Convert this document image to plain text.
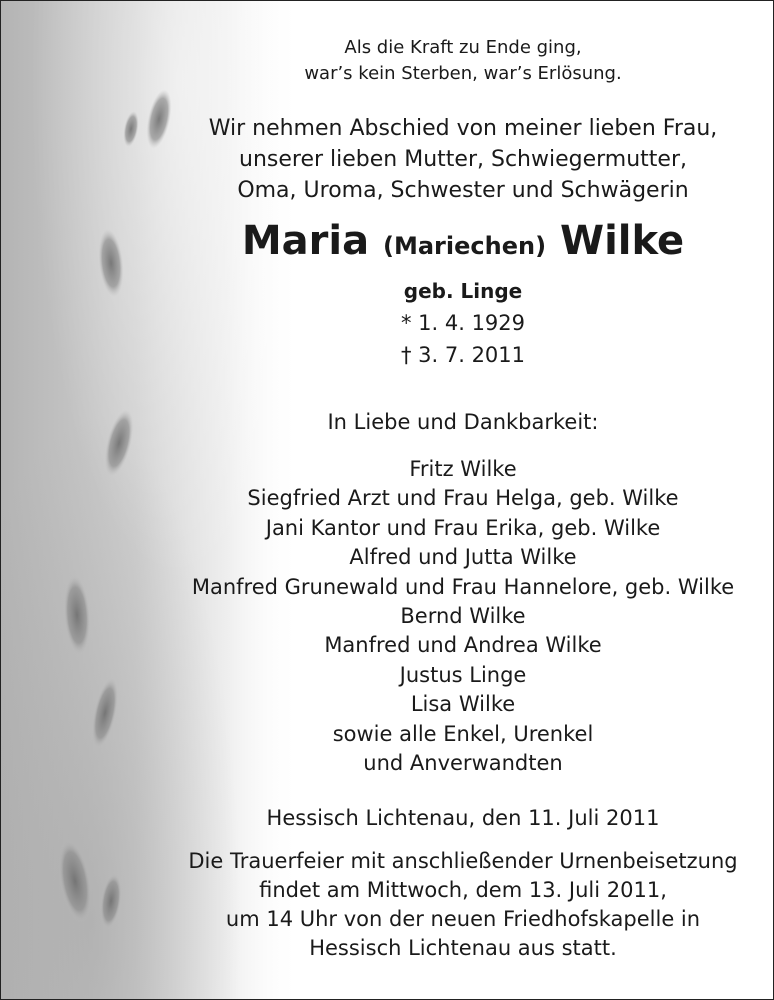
Als die Kraft zu Ende ging,
war’s kein Sterben, war’s Erlösung.
Wir nehmen Abschied von meiner lieben Frau,
unserer lieben Mutter, Schwiegermutter,
Oma, Uroma, Schwester und Schwägerin
Maria (Mariechen) Wilke
geb. Linge
* 1. 4. 1929
† 3. 7. 2011
In Liebe und Dankbarkeit:
Fritz Wilke
Siegfried Arzt und Frau Helga, geb. Wilke
Jani Kantor und Frau Erika, geb. Wilke
Alfred und Jutta Wilke
Manfred Grunewald und Frau Hannelore, geb. Wilke
Bernd Wilke
Manfred und Andrea Wilke
Justus Linge
Lisa Wilke
sowie alle Enkel, Urenkel
und Anverwandten
Hessisch Lichtenau, den 11. Juli 2011
Die Trauerfeier mit anschließender Urnenbeisetzung
findet am Mittwoch, dem 13. Juli 2011,
um 14 Uhr von der neuen Friedhofskapelle in
Hessisch Lichtenau aus statt.
